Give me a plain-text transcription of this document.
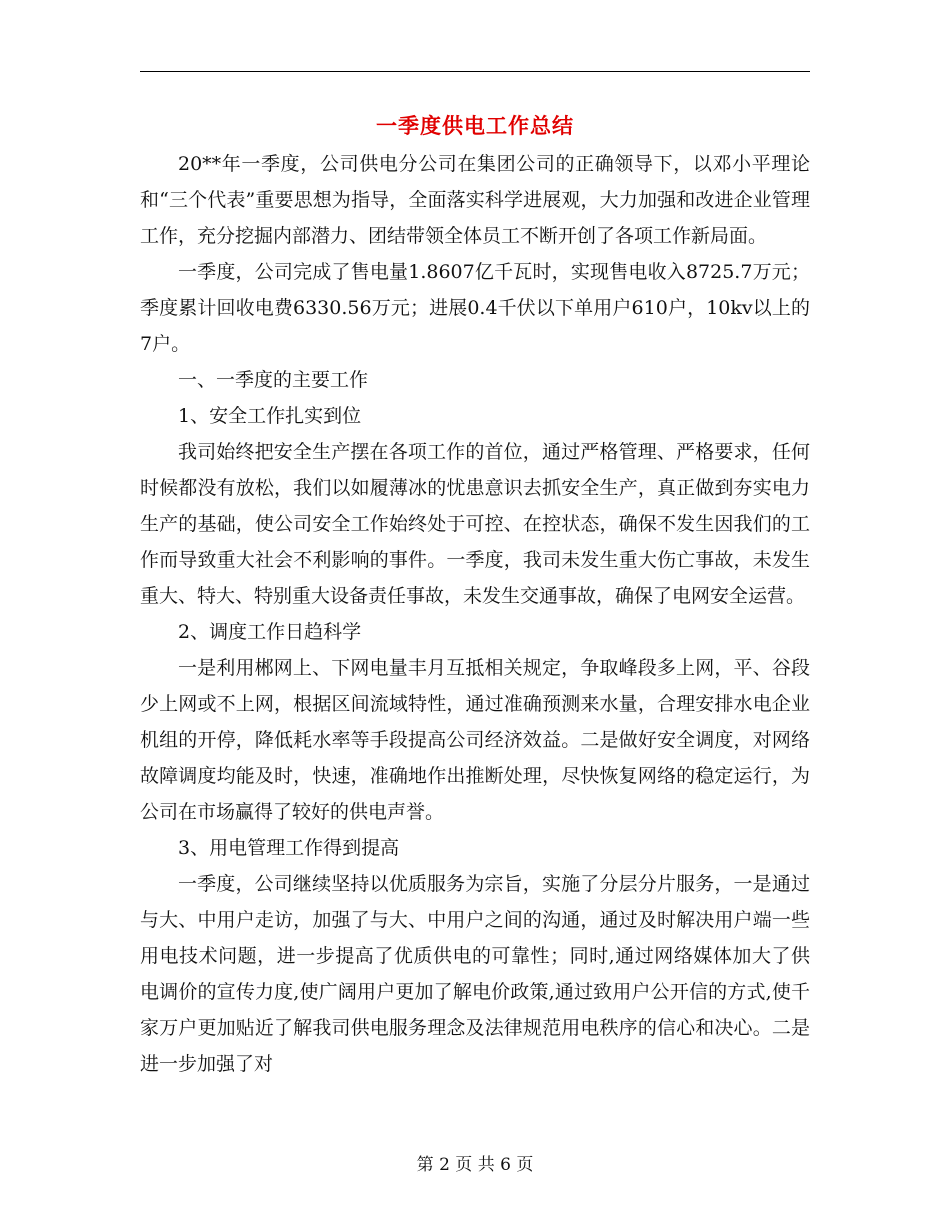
一季度供电工作总结

20**年一季度，公司供电分公司在集团公司的正确领导下，以邓小平理论和“三个代表”重要思想为指导，全面落实科学进展观，大力加强和改进企业管理工作，充分挖掘内部潜力、团结带领全体员工不断开创了各项工作新局面。

一季度，公司完成了售电量1.8607亿千瓦时，实现售电收入8725.7万元；季度累计回收电费6330.56万元；进展0.4千伏以下单用户610户，10kv以上的7户。

一、一季度的主要工作

1、安全工作扎实到位

我司始终把安全生产摆在各项工作的首位，通过严格管理、严格要求，任何时候都没有放松，我们以如履薄冰的忧患意识去抓安全生产，真正做到夯实电力生产的基础，使公司安全工作始终处于可控、在控状态，确保不发生因我们的工作而导致重大社会不利影响的事件。一季度，我司未发生重大伤亡事故，未发生重大、特大、特别重大设备责任事故，未发生交通事故，确保了电网安全运营。

2、调度工作日趋科学

一是利用郴网上、下网电量丰月互抵相关规定，争取峰段多上网，平、谷段少上网或不上网，根据区间流域特性，通过准确预测来水量，合理安排水电企业机组的开停，降低耗水率等手段提高公司经济效益。二是做好安全调度，对网络故障调度均能及时，快速，准确地作出推断处理，尽快恢复网络的稳定运行，为公司在市场赢得了较好的供电声誉。

3、用电管理工作得到提高

一季度，公司继续坚持以优质服务为宗旨，实施了分层分片服务，一是通过与大、中用户走访，加强了与大、中用户之间的沟通，通过及时解决用户端一些用电技术问题，进一步提高了优质供电的可靠性；同时,通过网络媒体加大了供电调价的宣传力度,使广阔用户更加了解电价政策,通过致用户公开信的方式,使千家万户更加贴近了解我司供电服务理念及法律规范用电秩序的信心和决心。二是进一步加强了对

第 2 页 共 6 页
